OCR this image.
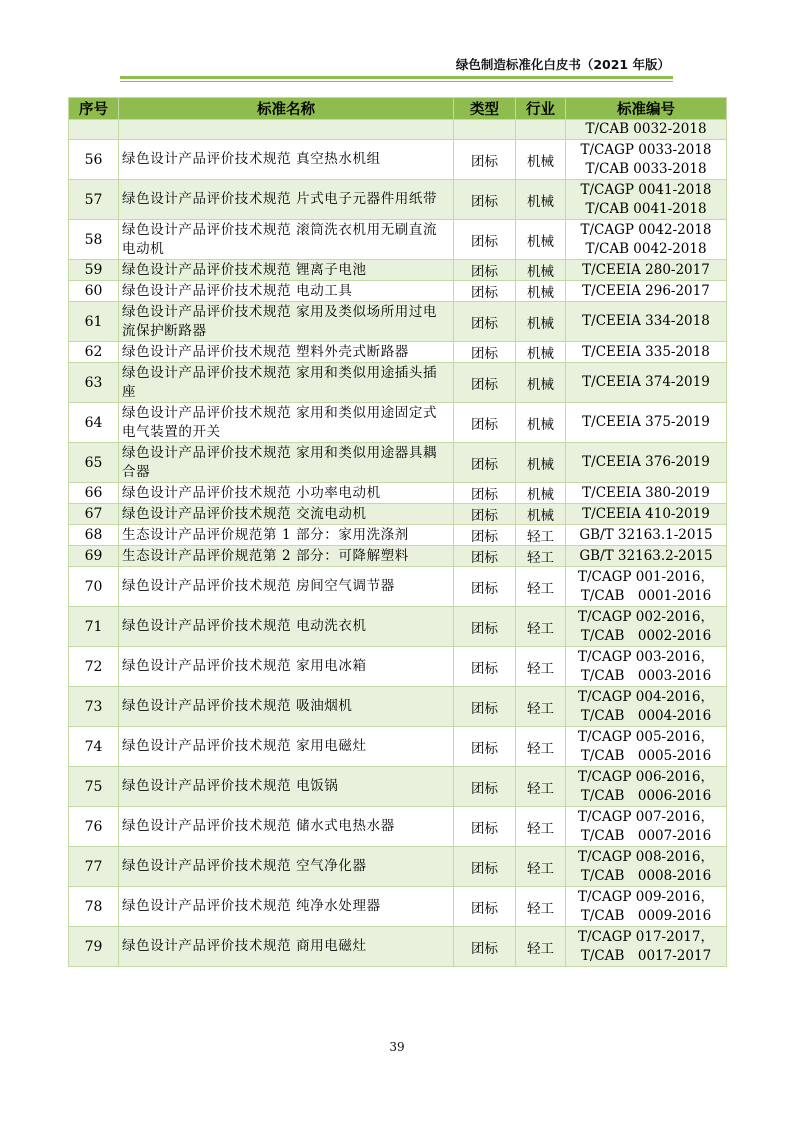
绿色制造标准化白皮书（2021 年版）
序号	标准名称	类型	行业	标准编号

				T/CAB 0032-2018

56	绿色设计产品评价技术规范 真空热水机组	团标	机械	T/CAGP 0033-2018
T/CAB 0033-2018

57	绿色设计产品评价技术规范 片式电子元器件用纸带	团标	机械	T/CAGP 0041-2018
T/CAB 0041-2018

58	绿色设计产品评价技术规范 滚筒洗衣机用无刷直流电动机	团标	机械	T/CAGP 0042-2018
T/CAB 0042-2018

59	绿色设计产品评价技术规范 锂离子电池	团标	机械	T/CEEIA 280-2017

60	绿色设计产品评价技术规范 电动工具	团标	机械	T/CEEIA 296-2017

61	绿色设计产品评价技术规范 家用及类似场所用过电流保护断路器	团标	机械	T/CEEIA 334-2018

62	绿色设计产品评价技术规范 塑料外壳式断路器	团标	机械	T/CEEIA 335-2018

63	绿色设计产品评价技术规范 家用和类似用途插头插座	团标	机械	T/CEEIA 374-2019

64	绿色设计产品评价技术规范 家用和类似用途固定式电气装置的开关	团标	机械	T/CEEIA 375-2019

65	绿色设计产品评价技术规范 家用和类似用途器具耦合器	团标	机械	T/CEEIA 376-2019

66	绿色设计产品评价技术规范 小功率电动机	团标	机械	T/CEEIA 380-2019

67	绿色设计产品评价技术规范 交流电动机	团标	机械	T/CEEIA 410-2019

68	生态设计产品评价规范第 1 部分：家用洗涤剂	团标	轻工	GB/T 32163.1-2015

69	生态设计产品评价规范第 2 部分：可降解塑料	团标	轻工	GB/T 32163.2-2015

70	绿色设计产品评价技术规范 房间空气调节器	团标	轻工	T/CAGP 001-2016，
T/CAB　0001-2016

71	绿色设计产品评价技术规范 电动洗衣机	团标	轻工	T/CAGP 002-2016，
T/CAB　0002-2016

72	绿色设计产品评价技术规范 家用电冰箱	团标	轻工	T/CAGP 003-2016，
T/CAB　0003-2016

73	绿色设计产品评价技术规范 吸油烟机	团标	轻工	T/CAGP 004-2016，
T/CAB　0004-2016

74	绿色设计产品评价技术规范 家用电磁灶	团标	轻工	T/CAGP 005-2016，
T/CAB　0005-2016

75	绿色设计产品评价技术规范 电饭锅	团标	轻工	T/CAGP 006-2016，
T/CAB　0006-2016

76	绿色设计产品评价技术规范 储水式电热水器	团标	轻工	T/CAGP 007-2016，
T/CAB　0007-2016

77	绿色设计产品评价技术规范 空气净化器	团标	轻工	T/CAGP 008-2016，
T/CAB　0008-2016

78	绿色设计产品评价技术规范 纯净水处理器	团标	轻工	T/CAGP 009-2016，
T/CAB　0009-2016

79	绿色设计产品评价技术规范 商用电磁灶	团标	轻工	T/CAGP 017-2017，
T/CAB　0017-2017
39
